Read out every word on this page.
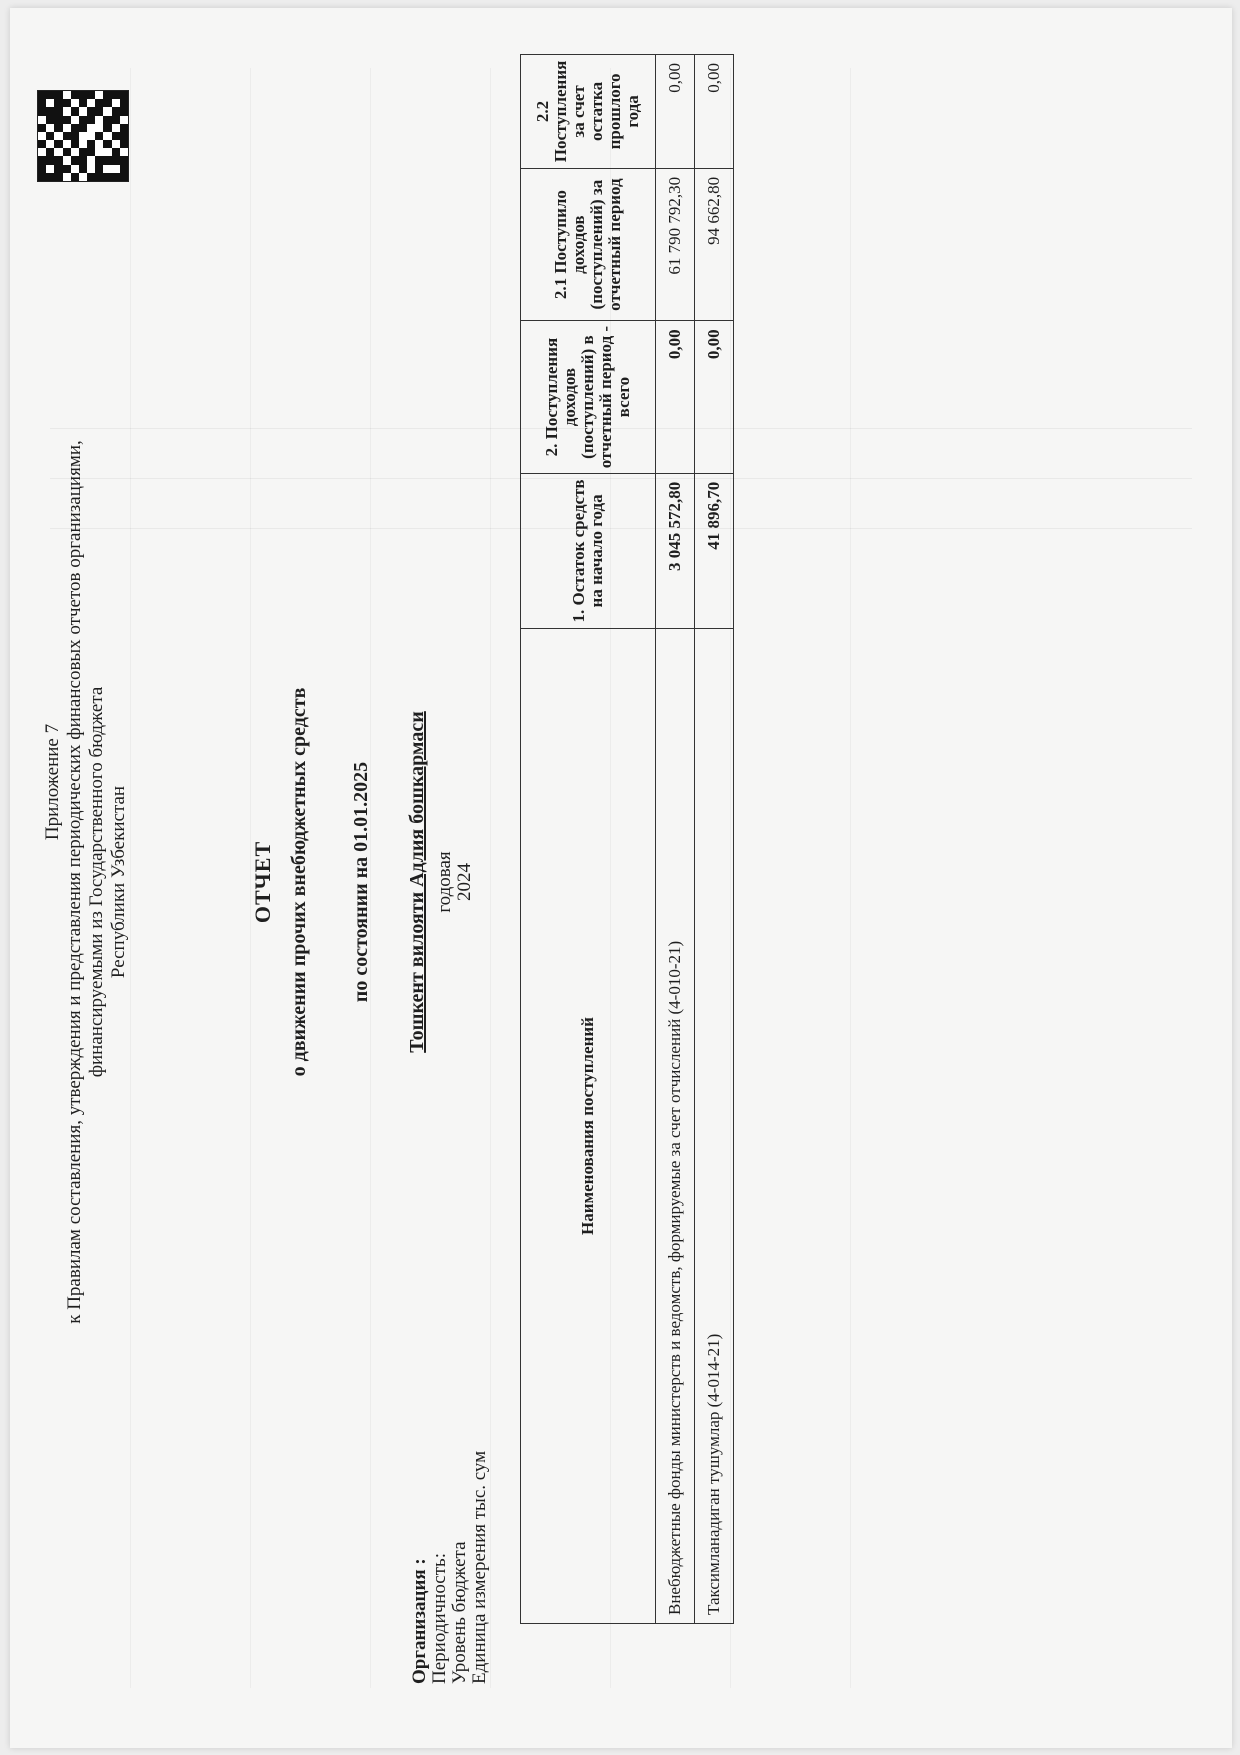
Приложение 7 к Правилам составления, утверждения и представления периодических финансовых отчетов организациями, финансируемыми из Государственного бюджета Республики Узбекистан	ОТЧЕТ о движении прочих внебюджетных средств по состоянии на 01.01.2025 Тошкент вилояти Адлия бошкармаси годовая 2024
Организация : Периодичность: Уровень бюджета Единица измерения тыс. сум
Наименования поступлений	1. Остаток средств на начало года	2. Поступления доходов (поступлений) в отчетный период - всего	2.1 Поступило доходов (поступлений) за отчетный период	2.2 Поступления за счет остатка прошлого года
Внебюджетные фонды министерств и ведомств, формируемые за счет отчислений (4-010-21)	3 045 572,80	0,00	61 790 792,30	0,00
Таксимланадиган тушумлар (4-014-21)	41 896,70	0,00	94 662,80	0,00
